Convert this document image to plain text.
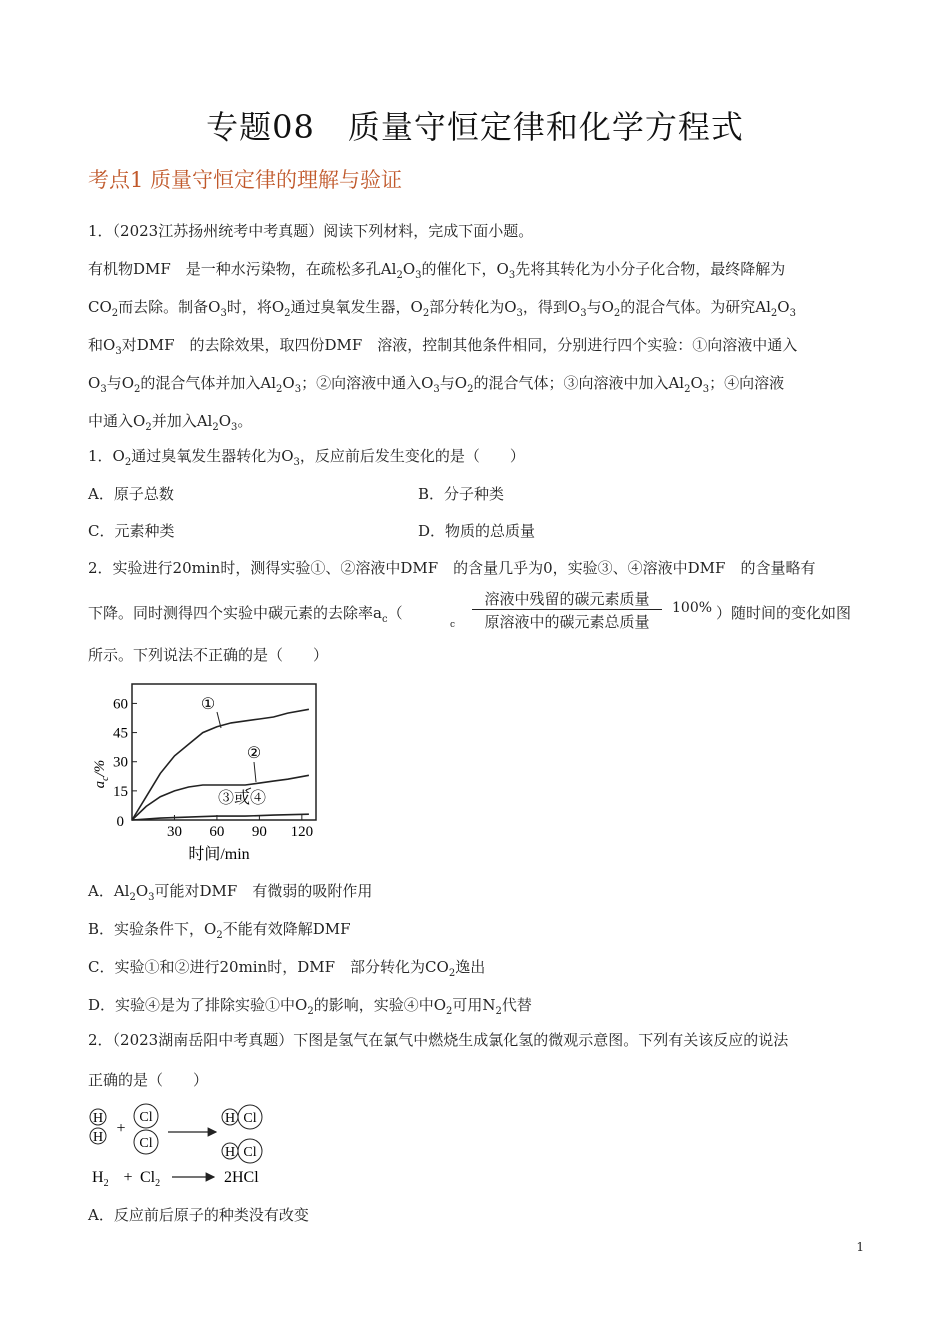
专题08　质量守恒定律和化学方程式
考点1 质量守恒定律的理解与验证
1．（2023江苏扬州统考中考真题）阅读下列材料，完成下面小题。
有机物DMF　是一种水污染物，在疏松多孔$Al_2O_3$的催化下，$O_3$先将其转化为小分子化合物，最终降解为
$CO_2$而去除。制备$O_3$时，将$O_2$通过臭氧发生器，$O_2$部分转化为$O_3$，得到$O_3$与$O_2$的混合气体。为研究$Al_2O_3$
和$O_3$对DMF　的去除效果，取四份DMF　溶液，控制其他条件相同，分别进行四个实验：①向溶液中通入
$O_3$与$O_2$的混合气体并加入$Al_2O_3$；②向溶液中通入$O_3$与$O_2$的混合气体；③向溶液中加入$Al_2O_3$；④向溶液
中通入$O_2$并加入$Al_2O_3$。
1．$O_2$通过臭氧发生器转化为$O_3$，反应前后发生变化的是（　　）
A．原子总数	B．分子种类
C．元素种类	D．物质的总质量
2．实验进行20min时，测得实验①、②溶液中DMF　的含量几乎为0，实验③、④溶液中DMF　的含量略有
下降。同时测得四个实验中碳元素的去除率$a_c$（
c
溶液中残留的碳元素质量
原溶液中的碳元素总质量
100% ）随时间的变化如图
所示。下列说法不正确的是（　　）
15
30
45
60
0
30 60 90 120
①
②
③或④
$a_c/\%$
时间/min
A．$Al_2O_3$可能对DMF　有微弱的吸附作用
B．实验条件下，$O_2$不能有效降解DMF
C．实验①和②进行20min时，DMF　部分转化为$CO_2$逸出
D．实验④是为了排除实验①中$O_2$的影响，实验④中$O_2$可用$N_2$代替
2．（2023湖南岳阳中考真题）下图是氢气在氯气中燃烧生成氯化氢的微观示意图。下列有关该反应的说法
正确的是（　　）
H
H
+
Cl
Cl
H Cl
H Cl
$H_2 + Cl_2$	2HCl
A．反应前后原子的种类没有改变
1
